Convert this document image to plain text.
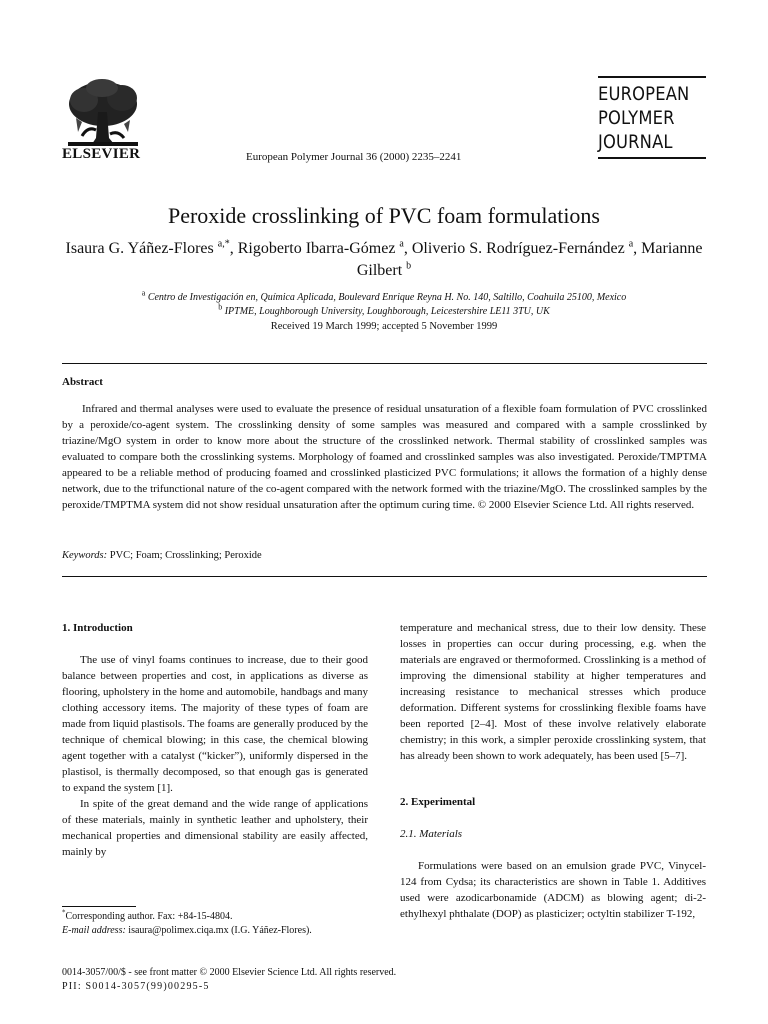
ELSEVIER	European Polymer Journal 36 (2000) 2235–2241
EUROPEAN
POLYMER
JOURNAL
Peroxide crosslinking of PVC foam formulations
Isaura G. Yáñez-Flores $^{a,*}$, Rigoberto Ibarra-Gómez $^a$, Oliverio S. Rodríguez-Fernández $^a$, Marianne Gilbert $^b$
$^a$ Centro de Investigación en, Química Aplicada, Boulevard Enrique Reyna H. No. 140, Saltillo, Coahuila 25100, Mexico
$^b$ IPTME, Loughborough University, Loughborough, Leicestershire LE11 3TU, UK
Received 19 March 1999; accepted 5 November 1999
Abstract
Infrared and thermal analyses were used to evaluate the presence of residual unsaturation of a flexible foam formulation of PVC crosslinked by a peroxide/co-agent system. The crosslinking density of some samples was measured and compared with a sample crosslinked by triazine/MgO system in order to know more about the structure of the crosslinked network. Thermal stability of crosslinked samples was evaluated to compare both the crosslinking systems. Morphology of foamed and crosslinked samples was also investigated. Peroxide/TMPTMA appeared to be a reliable method of producing foamed and crosslinked plasticized PVC formulations; it allows the formation of a highly dense network, due to the trifunctional nature of the co-agent compared with the network formed with the triazine/MgO. The crosslinked samples by the peroxide/TMPTMA system did not show residual unsaturation after the optimum curing time. © 2000 Elsevier Science Ltd. All rights reserved.
Keywords: PVC; Foam; Crosslinking; Peroxide
1. Introduction

The use of vinyl foams continues to increase, due to their good balance between properties and cost, in applications as diverse as flooring, upholstery in the home and automobile, handbags and many clothing accessory items. The majority of these types of foam are made from liquid plastisols. The foams are generally produced by the technique of chemical blowing; in this case, the chemical blowing agent together with a catalyst (“kicker”), uniformly dispersed in the plastisol, is thermally decomposed, so that enough gas is generated to expand the system [1].

In spite of the great demand and the wide range of applications of these materials, mainly in synthetic leather and upholstery, their mechanical properties and dimensional stability are easily affected, mainly by

temperature and mechanical stress, due to their low density. These losses in properties can occur during processing, e.g. when the materials are engraved or thermoformed. Crosslinking is a method of improving the dimensional stability at higher temperatures and increasing resistance to mechanical stresses which produce deformation. Different systems for crosslinking flexible foams have been reported [2–4]. Most of these involve relatively elaborate chemistry; in this work, a simpler peroxide crosslinking system, that has already been shown to work adequately, has been used [5–7].

2. Experimental
2.1. Materials

Formulations were based on an emulsion grade PVC, Vinycel-124 from Cydsa; its characteristics are shown in Table 1. Additives used were azodicarbonamide (ADCM) as blowing agent; di-2-ethylhexyl phthalate (DOP) as plasticizer; octyltin stabilizer T-192,

*Corresponding author. Fax: +84-15-4804.
E-mail address: isaura@polimex.ciqa.mx (I.G. Yáñez-Flores).
0014-3057/00/$ - see front matter © 2000 Elsevier Science Ltd. All rights reserved.
PII: S0014-3057(99)00295-5
